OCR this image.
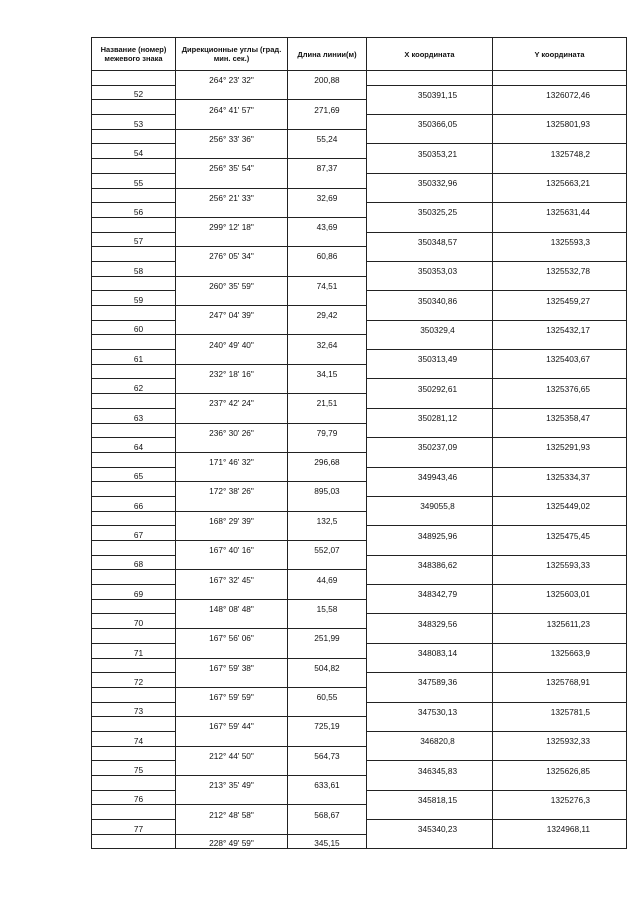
Название (номер) межевого знака	Дирекционные углы (град. мин. сек.)	Длина линии(м)	X координата	Y координата
	264° 23' 32"	200,88		
52			350391,15	1326072,46
	264° 41' 57"	271,69		
53			350366,05	1325801,93
	256° 33' 36"	55,24		
54			350353,21	1325748,2
	256° 35' 54"	87,37		
55			350332,96	1325663,21
	256° 21' 33"	32,69		
56			350325,25	1325631,44
	299° 12' 18"	43,69		
57			350348,57	1325593,3
	276° 05' 34"	60,86		
58			350353,03	1325532,78
	260° 35' 59"	74,51		
59			350340,86	1325459,27
	247° 04' 39"	29,42		
60			350329,4	1325432,17
	240° 49' 40"	32,64		
61			350313,49	1325403,67
	232° 18' 16"	34,15		
62			350292,61	1325376,65
	237° 42' 24"	21,51		
63			350281,12	1325358,47
	236° 30' 26"	79,79		
64			350237,09	1325291,93
	171° 46' 32"	296,68		
65			349943,46	1325334,37
	172° 38' 26"	895,03		
66			349055,8	1325449,02
	168° 29' 39"	132,5		
67			348925,96	1325475,45
	167° 40' 16"	552,07		
68			348386,62	1325593,33
	167° 32' 45"	44,69		
69			348342,79	1325603,01
	148° 08' 48"	15,58		
70			348329,56	1325611,23
	167° 56' 06"	251,99		
71			348083,14	1325663,9
	167° 59' 38"	504,82		
72			347589,36	1325768,91
	167° 59' 59"	60,55		
73			347530,13	1325781,5
	167° 59' 44"	725,19		
74			346820,8	1325932,33
	212° 44' 50"	564,73		
75			346345,83	1325626,85
	213° 35' 49"	633,61		
76			345818,15	1325276,3
	212° 48' 58"	568,67		
77			345340,23	1324968,11
	228° 49' 59"	345,15		
